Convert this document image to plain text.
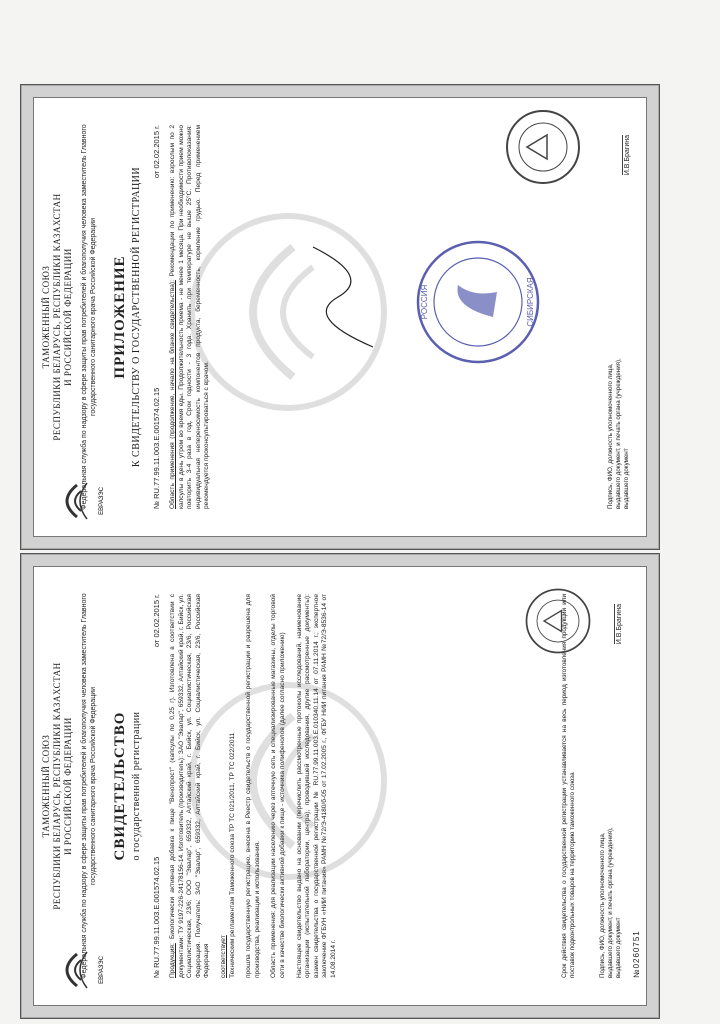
ЕВРАЗЭС
ТАМОЖЕННЫЙ СОЮЗ
РЕСПУБЛИКИ БЕЛАРУСЬ, РЕСПУБЛИКИ КАЗАХСТАН
И РОССИЙСКОЙ ФЕДЕРАЦИИ Федеральная служба по надзору в сфере защиты прав потребителей и благополучия человека заместитель Главного государственного санитарного врача Российской Федерации ПРИЛОЖЕНИЕ К СВИДЕТЕЛЬСТВУ О ГОСУДАРСТВЕННОЙ РЕГИСТРАЦИИ
№ RU.77.99.11.003.Е.001574.02.15
от 02.02.2015 г.
Область применения (продолжение, начало на бланке свидетельства): Рекомендации по применению: взрослым по 2 капсулы в день утром во время еды. Продолжительность приема - не менее 1 месяца. При необходимости прием можно повторить 3-4 раза в год. Срок годности - 3 года. Хранить при температуре не выше 25°С. Противопоказания: индивидуальная непереносимость компонентов продукта, беременность, кормление грудью. Перед применением рекомендуется проконсультироваться с врачом.
РОССИЯ	СИБИРСКАЯ
Подпись, ФИО, должность уполномоченного лица, выдавшего документ, и печать органа (учреждения), выдавшего документ
И.В.Брагина
ЕВРАЗЭС
ТАМОЖЕННЫЙ СОЮЗ
РЕСПУБЛИКИ БЕЛАРУСЬ, РЕСПУБЛИКИ КАЗАХСТАН
И РОССИЙСКОЙ ФЕДЕРАЦИИ Федеральная служба по надзору в сфере защиты прав потребителей и благополучия человека заместитель Главного государственного санитарного врача Российской Федерации СВИДЕТЕЛЬСТВО о государственной регистрации
№ RU.77.99.11.003.Е.001574.02.15
от 02.02.2015 г.
Продукция: Биологически активная добавка к пище "Венопрост" (капсулы по 0,25 г). Изготовлена в соответствии с документами: ТУ 9197-226-24178156-14. Изготовитель (производитель): ЗАО "Эвалар", 659332, Алтайский край, г. Бийск, ул. Социалистическая, 23/6; ООО "Эвалар", 659332, Алтайский край, г. Бийск, ул. Социалистическая, 23/6, Российская Федерация. Получатель: ЗАО "Эвалар", 659332, Алтайский край, г. Бийск, ул. Социалистическая, 23/6, Российская Федерация соответствует Техническим регламентам Таможенного союза ТР ТС 021/2011, ТР ТС 022/2011 прошла государственную регистрацию, внесена в Реестр свидетельств о государственной регистрации и разрешена для производства, реализации и использования. Область применения: для реализации населению через аптечную сеть и специализированные магазины, отделы торговой сети в качестве биологически активной добавки к пище - источника полифенолов (далее согласно приложению) Настоящее свидетельство выдано на основании (перечислить рассмотренные протоколы исследований, наименование организации (испытательной лаборатории, центра), проводившей исследования, другие рассмотренные документы): взамен свидетельства о государственной регистрации № RU.77.99.11.003.Е.010340.11.14 от 07.11.2014 г.; экспертное заключение ФГБУН «НИИ питания» РАМН №72/Э-4180/б-05 от 17.02.2005 г., ФГБУ НИИ питания РАМН №72/Э-8536-14 от 14.08.2014 г.	Срок действия свидетельства о государственной регистрации устанавливается на весь период изготовления продукции или поставок подконтрольных товаров на территорию таможенного союза	Подпись, ФИО, должность уполномоченного лица, выдавшего документ, и печать органа (учреждения), выдавшего документ
И.В.Брагина
№0260751
